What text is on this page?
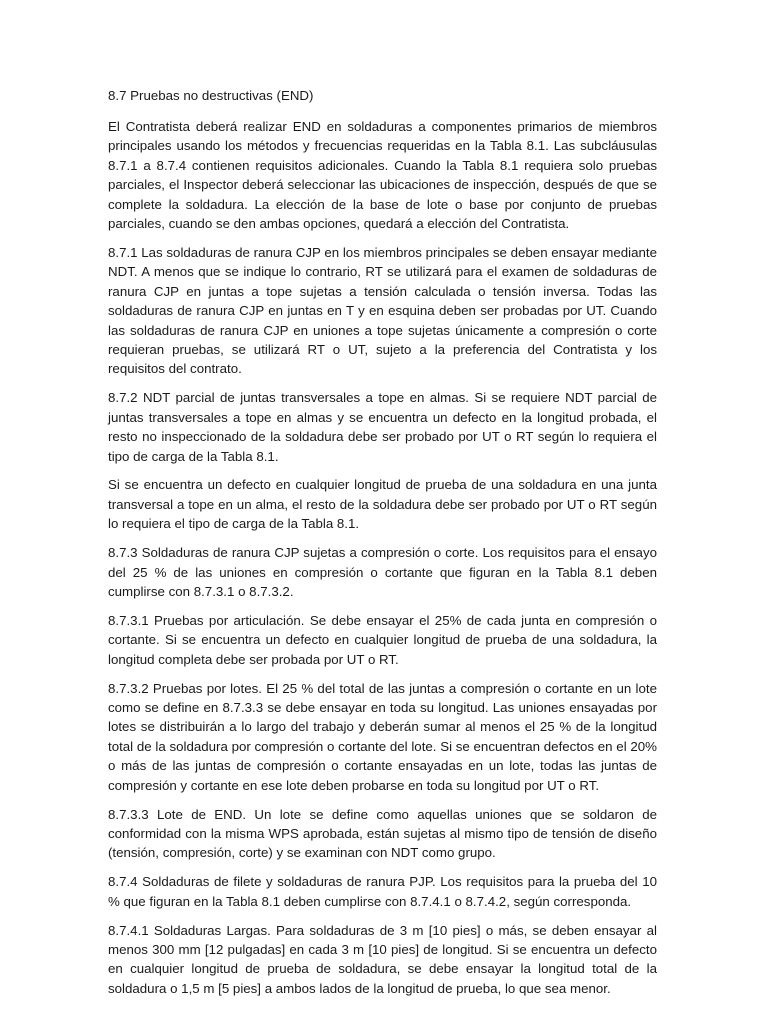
8.7 Pruebas no destructivas (END)

El Contratista deberá realizar END en soldaduras a componentes primarios de miembros principales usando los métodos y frecuencias requeridas en la Tabla 8.1. Las subcláusulas 8.7.1 a 8.7.4 contienen requisitos adicionales. Cuando la Tabla 8.1 requiera solo pruebas parciales, el Inspector deberá seleccionar las ubicaciones de inspección, después de que se complete la soldadura. La elección de la base de lote o base por conjunto de pruebas parciales, cuando se den ambas opciones, quedará a elección del Contratista.

8.7.1 Las soldaduras de ranura CJP en los miembros principales se deben ensayar mediante NDT. A menos que se indique lo contrario, RT se utilizará para el examen de soldaduras de ranura CJP en juntas a tope sujetas a tensión calculada o tensión inversa. Todas las soldaduras de ranura CJP en juntas en T y en esquina deben ser probadas por UT. Cuando las soldaduras de ranura CJP en uniones a tope sujetas únicamente a compresión o corte requieran pruebas, se utilizará RT o UT, sujeto a la preferencia del Contratista y los requisitos del contrato.

8.7.2 NDT parcial de juntas transversales a tope en almas. Si se requiere NDT parcial de juntas transversales a tope en almas y se encuentra un defecto en la longitud probada, el resto no inspeccionado de la soldadura debe ser probado por UT o RT según lo requiera el tipo de carga de la Tabla 8.1.

Si se encuentra un defecto en cualquier longitud de prueba de una soldadura en una junta transversal a tope en un alma, el resto de la soldadura debe ser probado por UT o RT según lo requiera el tipo de carga de la Tabla 8.1.

8.7.3 Soldaduras de ranura CJP sujetas a compresión o corte. Los requisitos para el ensayo del 25 % de las uniones en compresión o cortante que figuran en la Tabla 8.1 deben cumplirse con 8.7.3.1 o 8.7.3.2.

8.7.3.1 Pruebas por articulación. Se debe ensayar el 25% de cada junta en compresión o cortante. Si se encuentra un defecto en cualquier longitud de prueba de una soldadura, la longitud completa debe ser probada por UT o RT.

8.7.3.2 Pruebas por lotes. El 25 % del total de las juntas a compresión o cortante en un lote como se define en 8.7.3.3 se debe ensayar en toda su longitud. Las uniones ensayadas por lotes se distribuirán a lo largo del trabajo y deberán sumar al menos el 25 % de la longitud total de la soldadura por compresión o cortante del lote. Si se encuentran defectos en el 20% o más de las juntas de compresión o cortante ensayadas en un lote, todas las juntas de compresión y cortante en ese lote deben probarse en toda su longitud por UT o RT.

8.7.3.3 Lote de END. Un lote se define como aquellas uniones que se soldaron de conformidad con la misma WPS aprobada, están sujetas al mismo tipo de tensión de diseño (tensión, compresión, corte) y se examinan con NDT como grupo.

8.7.4 Soldaduras de filete y soldaduras de ranura PJP. Los requisitos para la prueba del 10 % que figuran en la Tabla 8.1 deben cumplirse con 8.7.4.1 o 8.7.4.2, según corresponda.

8.7.4.1 Soldaduras Largas. Para soldaduras de 3 m [10 pies] o más, se deben ensayar al menos 300 mm [12 pulgadas] en cada 3 m [10 pies] de longitud. Si se encuentra un defecto en cualquier longitud de prueba de soldadura, se debe ensayar la longitud total de la soldadura o 1,5 m [5 pies] a ambos lados de la longitud de prueba, lo que sea menor.
